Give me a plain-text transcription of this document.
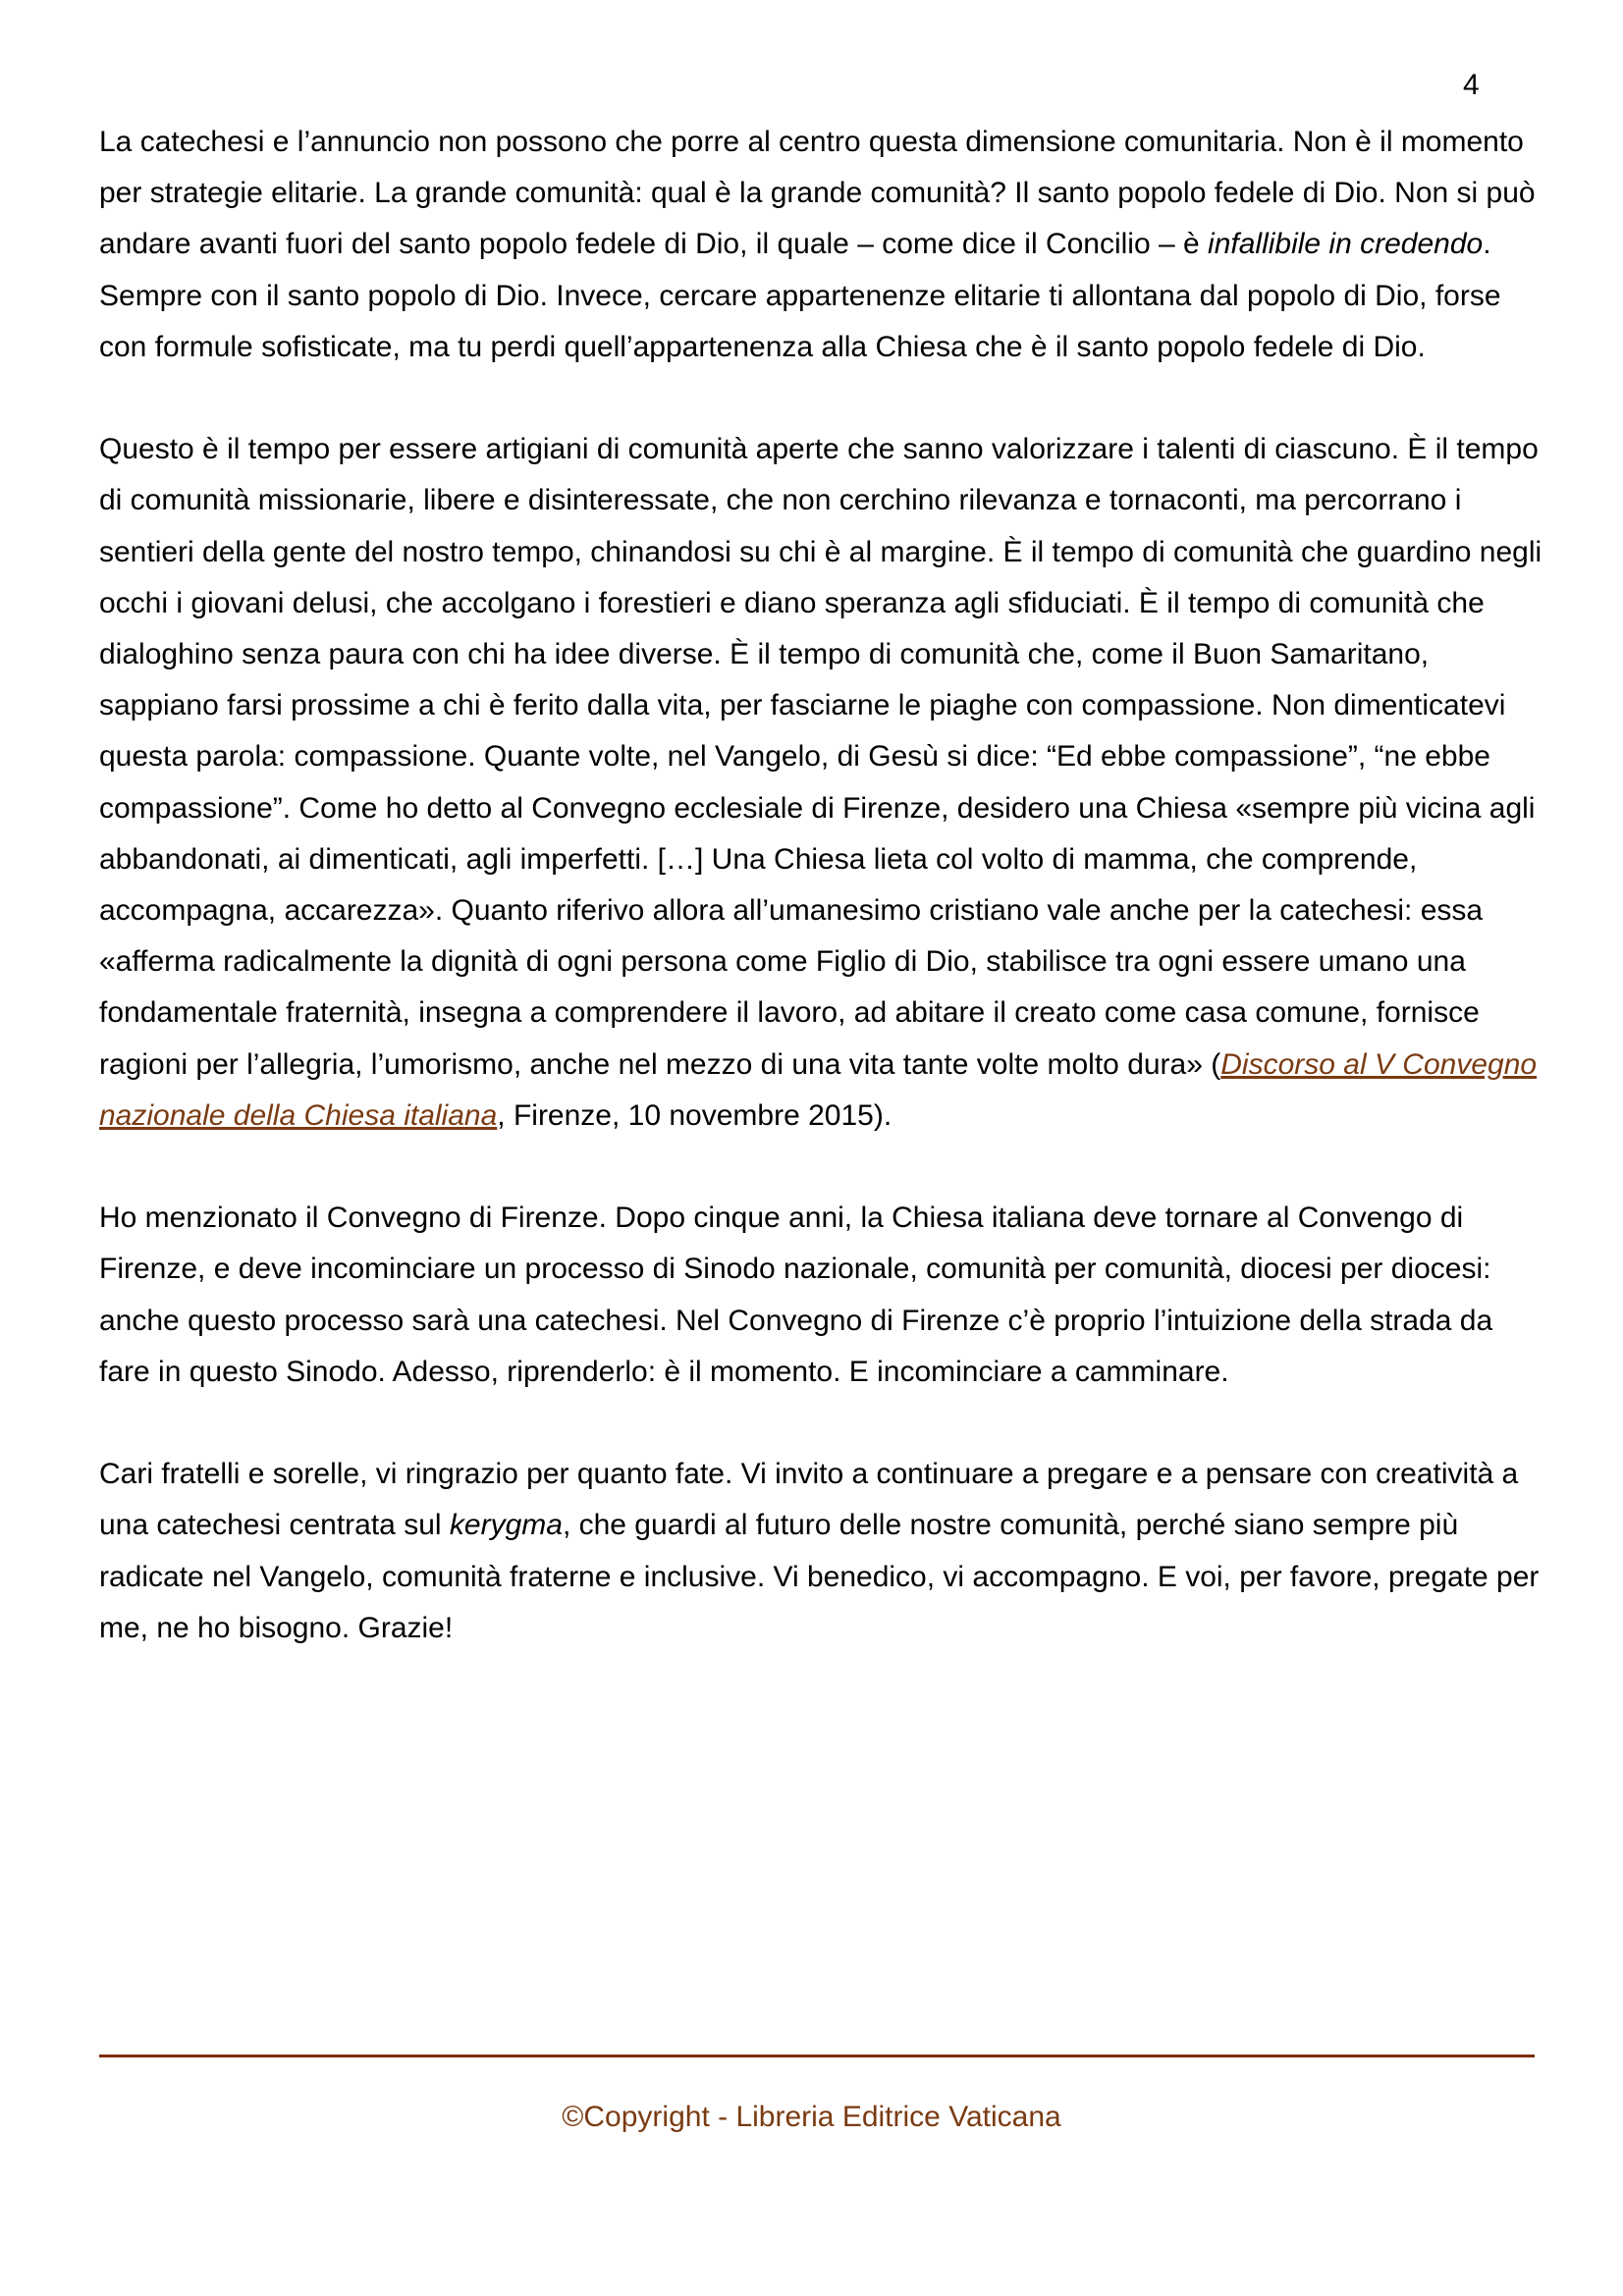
4

La catechesi e l’annuncio non possono che porre al centro questa dimensione comunitaria. Non è il momento per strategie elitarie. La grande comunità: qual è la grande comunità? Il santo popolo fedele di Dio. Non si può andare avanti fuori del santo popolo fedele di Dio, il quale – come dice il Concilio – è infallibile in credendo. Sempre con il santo popolo di Dio. Invece, cercare appartenenze elitarie ti allontana dal popolo di Dio, forse con formule sofisticate, ma tu perdi quell’appartenenza alla Chiesa che è il santo popolo fedele di Dio.

Questo è il tempo per essere artigiani di comunità aperte che sanno valorizzare i talenti di ciascuno. È il tempo di comunità missionarie, libere e disinteressate, che non cerchino rilevanza e tornaconti, ma percorrano i sentieri della gente del nostro tempo, chinandosi su chi è al margine. È il tempo di comunità che guardino negli occhi i giovani delusi, che accolgano i forestieri e diano speranza agli sfiduciati. È il tempo di comunità che dialoghino senza paura con chi ha idee diverse. È il tempo di comunità che, come il Buon Samaritano, sappiano farsi prossime a chi è ferito dalla vita, per fasciarne le piaghe con compassione. Non dimenticatevi questa parola: compassione. Quante volte, nel Vangelo, di Gesù si dice: “Ed ebbe compassione”, “ne ebbe compassione”. Come ho detto al Convegno ecclesiale di Firenze, desidero una Chiesa «sempre più vicina agli abbandonati, ai dimenticati, agli imperfetti. […] Una Chiesa lieta col volto di mamma, che comprende, accompagna, accarezza». Quanto riferivo allora all’umanesimo cristiano vale anche per la catechesi: essa «afferma radicalmente la dignità di ogni persona come Figlio di Dio, stabilisce tra ogni essere umano una fondamentale fraternità, insegna a comprendere il lavoro, ad abitare il creato come casa comune, fornisce ragioni per l’allegria, l’umorismo, anche nel mezzo di una vita tante volte molto dura» (Discorso al V Convegno nazionale della Chiesa italiana, Firenze, 10 novembre 2015).

Ho menzionato il Convegno di Firenze. Dopo cinque anni, la Chiesa italiana deve tornare al Convengo di Firenze, e deve incominciare un processo di Sinodo nazionale, comunità per comunità, diocesi per diocesi: anche questo processo sarà una catechesi. Nel Convegno di Firenze c’è proprio l’intuizione della strada da fare in questo Sinodo. Adesso, riprenderlo: è il momento. E incominciare a camminare.

Cari fratelli e sorelle, vi ringrazio per quanto fate. Vi invito a continuare a pregare e a pensare con creatività a una catechesi centrata sul kerygma, che guardi al futuro delle nostre comunità, perché siano sempre più radicate nel Vangelo, comunità fraterne e inclusive. Vi benedico, vi accompagno. E voi, per favore, pregate per me, ne ho bisogno. Grazie!

©Copyright - Libreria Editrice Vaticana
